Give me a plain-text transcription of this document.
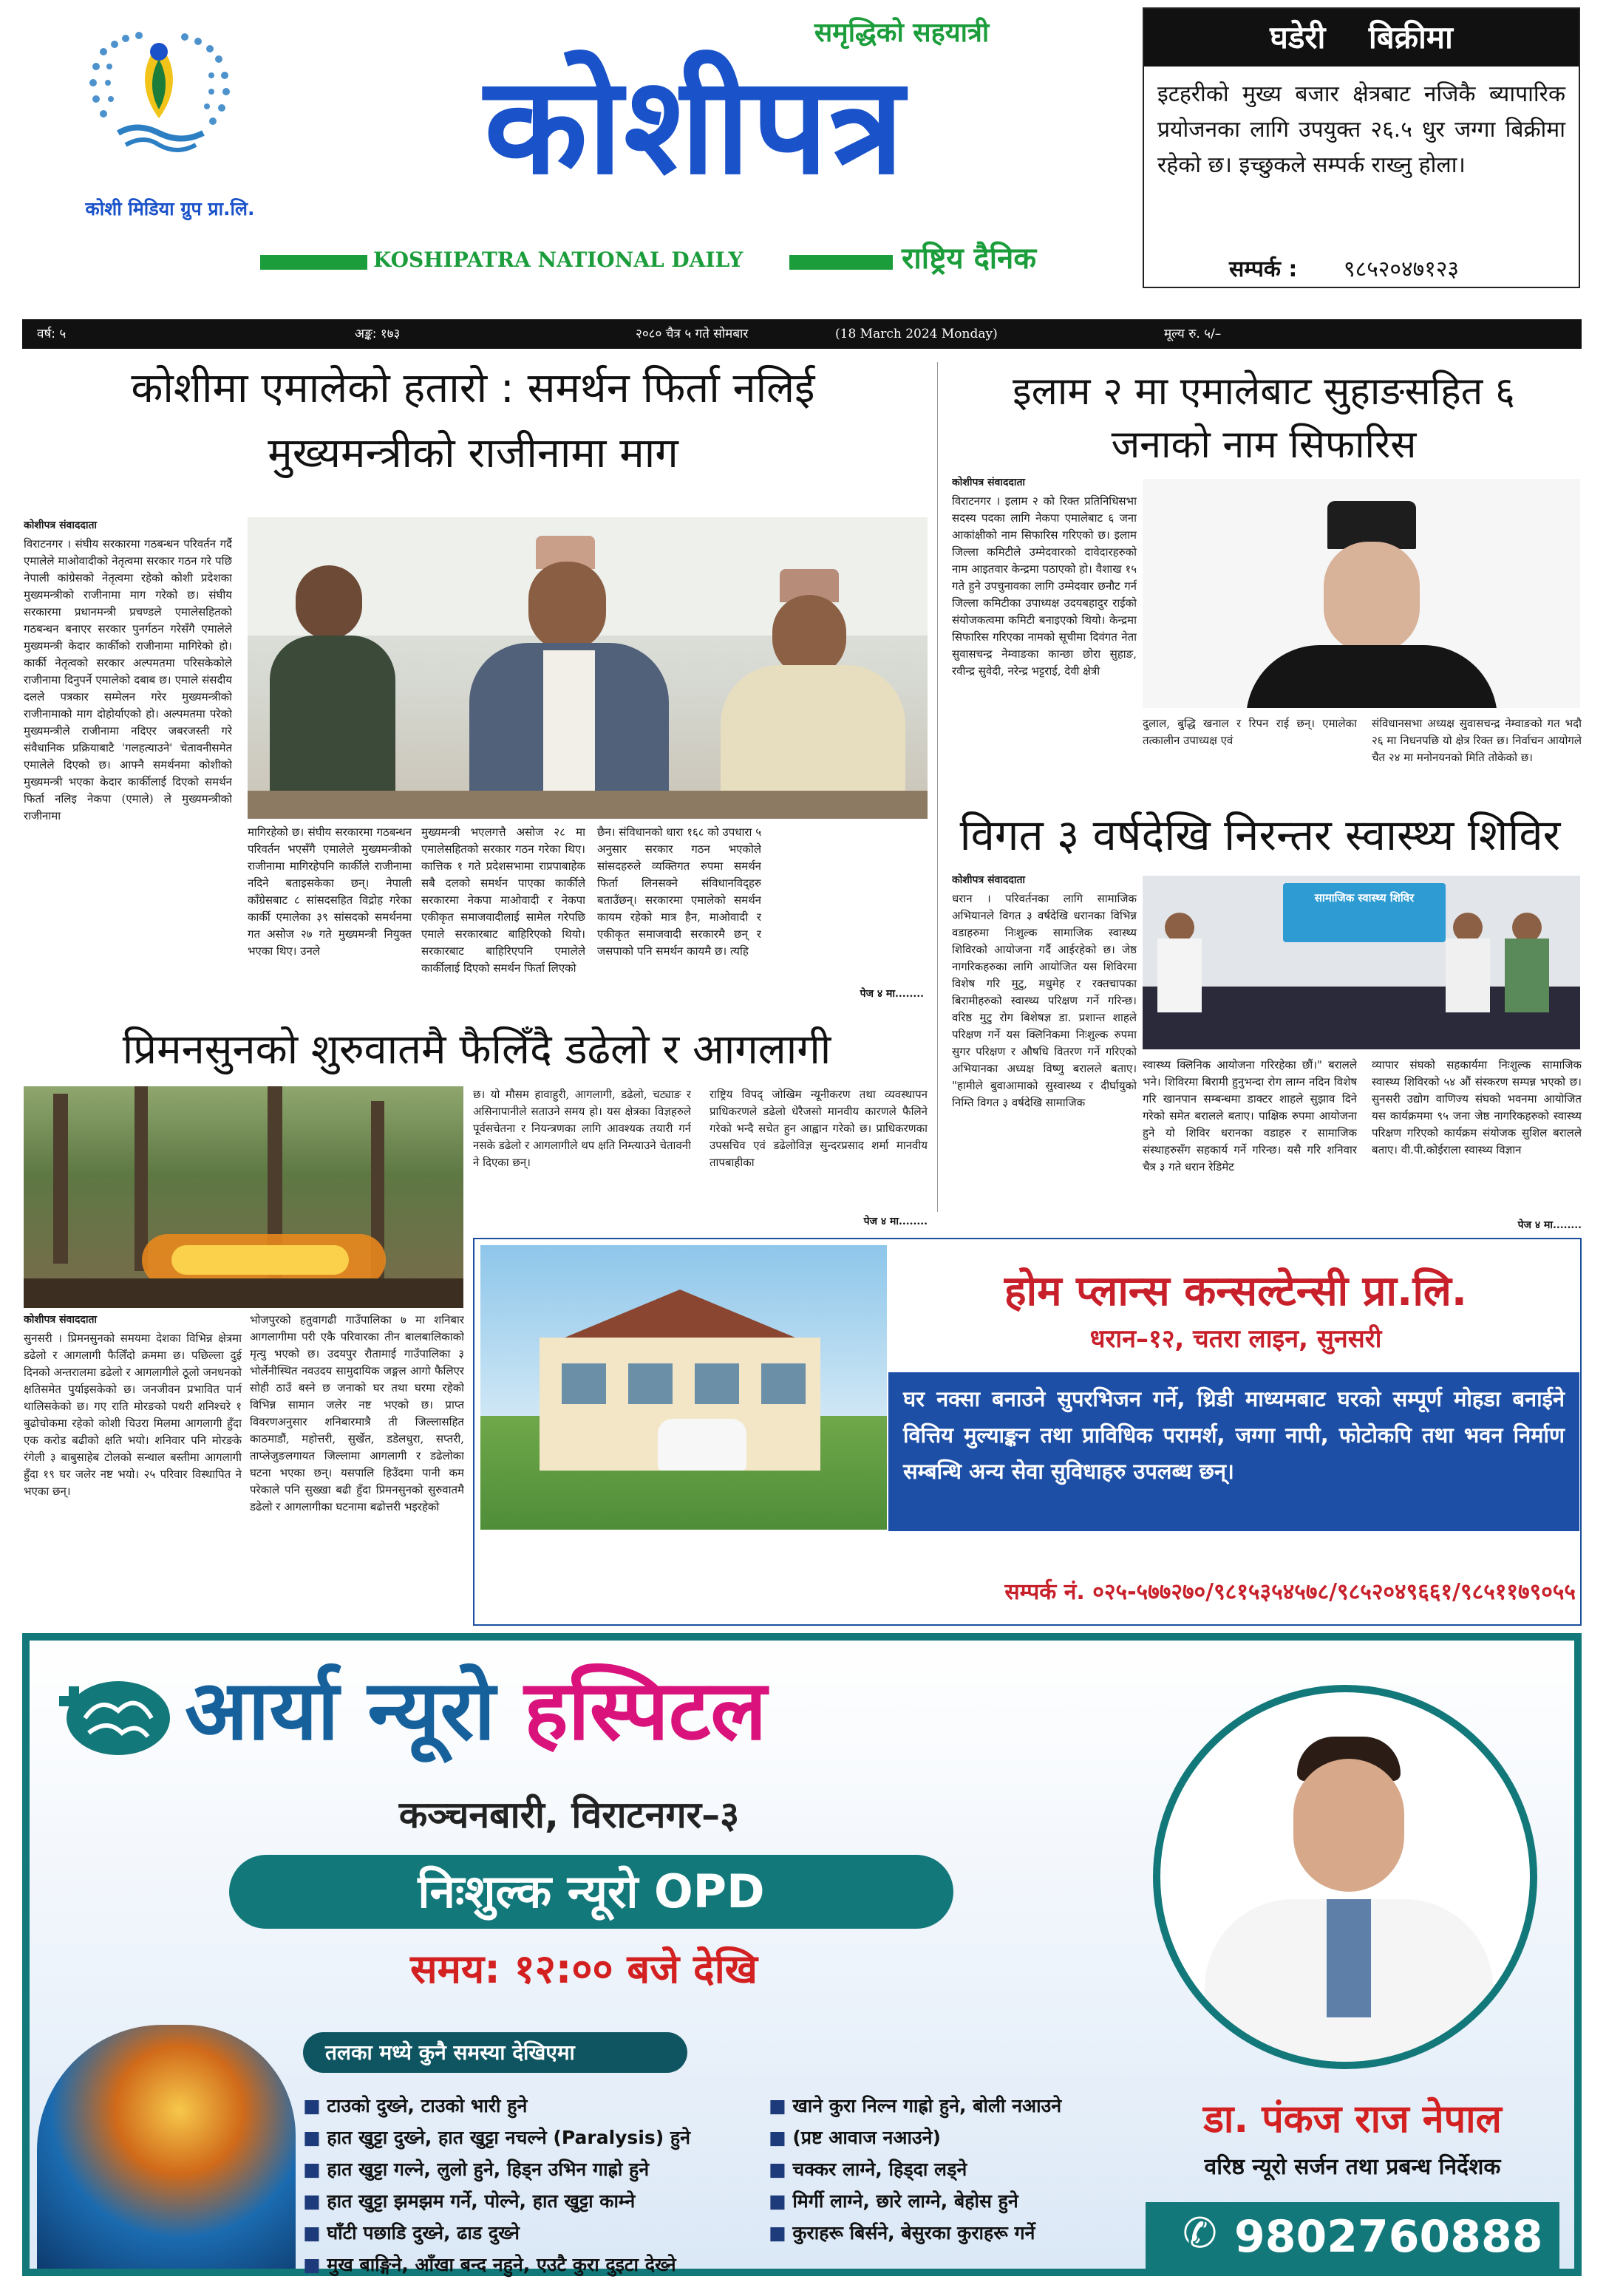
कोशी मिडिया ग्रुप प्रा.लि.
समृद्धिको सहयात्री
कोशीपत्र
KOSHIPATRA NATIONAL DAILY	राष्ट्रिय दैनिक
घडेरी    बिक्रीमा
इटहरीको मुख्य बजार क्षेत्रबाट नजिकै ब्यापारिक प्रयोजनका लागि उपयुक्त २६.५ धुर जग्गा बिक्रीमा रहेको छ। इच्छुकले सम्पर्क राख्नु होला।
सम्पर्क : ९८५२०४७१२३
वर्ष: ५	अङ्क: १७३	२०८० चैत्र ५ गते सोमबार	(18 March 2024 Monday)	मूल्य रु. ५/–
कोशीमा एमालेको हतारो : समर्थन फिर्ता नलिई
मुख्यमन्त्रीको राजीनामा माग
कोशीपत्र संवाददाता

विराटनगर । संघीय सरकारमा गठबन्धन परिवर्तन गर्दै एमालेले माओवादीको नेतृत्वमा सरकार गठन गरे पछि नेपाली कांग्रेसको नेतृत्वमा रहेको कोशी प्रदेशका मुख्यमन्त्रीको राजीनामा माग गरेको छ। संघीय सरकारमा प्रधानमन्त्री प्रचण्डले एमालेसहितको गठबन्धन बनाएर सरकार पुनर्गठन गरेसँगै एमालेले मुख्यमन्त्री केदार कार्कीको राजीनामा मागिरेको हो। कार्की नेतृत्वको सरकार अल्पमतमा परिसकेकोले राजीनामा दिनुपर्ने एमालेको दबाब छ। एमाले संसदीय दलले पत्रकार सम्मेलन गरेर मुख्यमन्त्रीको राजीनामाको माग दोहोर्याएको हो। अल्पमतमा परेको मुख्यमन्त्रीले राजीनामा नदिएर जबरजस्ती गरे संवैधानिक प्रक्रियाबाटै 'गलहत्याउने' चेतावनीसमेत एमालेले दिएको छ। आफ्नै समर्थनमा कोशीको मुख्यमन्त्री भएका केदार कार्कीलाई दिएको समर्थन फिर्ता नलिइ नेकपा (एमाले) ले मुख्यमन्त्रीको राजीनामा

मागिरहेको छ। संघीय सरकारमा गठबन्धन परिवर्तन भएसँगै एमालेले मुख्यमन्त्रीको राजीनामा मागिरहेपनि कार्कीले राजीनामा नदिने बताइसकेका छन्। नेपाली काँग्रेसबाट ८ सांसदसहित विद्रोह गरेका कार्की एमालेका ३९ सांसदको समर्थनमा गत असोज २७ गते मुख्यमन्त्री नियुक्त भएका थिए। उनले

मुख्यमन्त्री भएलगत्तै असोज २८ मा एमालेसहितको सरकार गठन गरेका थिए। कात्तिक १ गते प्रदेशसभामा राप्रपाबाहेक सबै दलको समर्थन पाएका कार्कीले सरकारमा नेकपा माओवादी र नेकपा एकीकृत समाजवादीलाई सामेल गरेपछि एमाले सरकारबाट बाहिरिएको थियो। सरकारबाट बाहिरिएपनि एमालेले कार्कीलाई दिएको समर्थन फिर्ता लिएको

छैन। संविधानको धारा १६८ को उपधारा ५ अनुसार सरकार गठन भएकोले सांसदहरुले व्यक्तिगत रुपमा समर्थन फिर्ता लिनसक्ने संविधानविद्हरु बताउँछन्। सरकारमा एमालेको समर्थन कायम रहेको मात्र हैन, माओवादी र एकीकृत समाजवादी सरकारमै छन् र जसपाको पनि समर्थन कायमै छ। त्यहि

पेज ४ मा........
इलाम २ मा एमालेबाट सुहाङसहित ६
जनाको नाम सिफारिस
कोशीपत्र संवाददाता

विराटनगर । इलाम २ को रिक्त प्रतिनिधिसभा सदस्य पदका लागि नेकपा एमालेबाट ६ जना आकांक्षीको नाम सिफारिस गरिएको छ। इलाम जिल्ला कमिटीले उम्मेदवारको दावेदारहरुको नाम आइतवार केन्द्रमा पठाएको हो। वैशाख १५ गते हुने उपचुनावका लागि उम्मेदवार छनौट गर्न जिल्ला कमिटीका उपाध्यक्ष उदयबहादुर राईको संयोजकत्वमा कमिटी बनाइएको थियो। केन्द्रमा सिफारिस गरिएका नामको सूचीमा दिवंगत नेता सुवासचन्द्र नेम्वाङका कान्छा छोरा सुहाङ, रवीन्द्र सुवेदी, नरेन्द्र भट्टराई, देवी क्षेत्री

दुलाल, बुद्धि खनाल र रिपन राई छन्। एमालेका तत्कालीन उपाध्यक्ष एवं

संविधानसभा अध्यक्ष सुवासचन्द्र नेम्वाङको गत भदौ २६ मा निधनपछि यो क्षेत्र रिक्त छ। निर्वाचन आयोगले चैत २४ मा मनोनयनको मिति तोकेको छ।

विगत ३ वर्षदेखि निरन्तर स्वास्थ्य शिविर
कोशीपत्र संवाददाता

धरान । परिवर्तनका लागि सामाजिक अभियानले विगत ३ वर्षदेखि धरानका विभिन्न वडाहरुमा निःशुल्क सामाजिक स्वास्थ्य शिविरको आयोजना गर्दै आईरहेको छ। जेष्ठ नागरिकहरुका लागि आयोजित यस शिविरमा विशेष गरि मुटु, मधुमेह र रक्तचापका बिरामीहरुको स्वास्थ्य परिक्षण गर्ने गरिन्छ। वरिष्ठ मुटु रोग बिशेषज्ञ डा. प्रशान्त शाहले परिक्षण गर्ने यस क्लिनिकमा निःशुल्क रुपमा सुगर परिक्षण र औषधि वितरण गर्ने गरिएको अभियानका अध्यक्ष विष्णु बरालले बताए। "हामीले बुवाआमाको सुस्वास्थ्य र दीर्घायुको निम्ति विगत ३ वर्षदेखि सामाजिक

सामाजिक स्वास्थ्य शिविर

स्वास्थ्य क्लिनिक आयोजना गरिरहेका छौं।" बरालले भने। शिविरमा बिरामी हुनुभन्दा रोग लाग्न नदिन विशेष गरि खानपान सम्बन्धमा डाक्टर शाहले सुझाव दिने गरेको समेत बरालले बताए। पाक्षिक रुपमा आयोजना हुने यो शिविर धरानका वडाहरु र सामाजिक संस्थाहरुसँग सहकार्य गर्ने गरिन्छ। यसै गरि शनिवार चैत्र ३ गते धरान रेडिमेट

व्यापार संघको सहकार्यमा निःशुल्क सामाजिक स्वास्थ्य शिविरको ५४ औं संस्करण सम्पन्न भएको छ। सुनसरी उद्योग वाणिज्य संघको भवनमा आयोजित यस कार्यक्रममा ९५ जना जेष्ठ नागरिकहरुको स्वास्थ्य परिक्षण गरिएको कार्यक्रम संयोजक सुशिल बरालले बताए। वी.पी.कोईराला स्वास्थ्य विज्ञान

पेज ४ मा........
प्रिमनसुनको शुरुवातमै फैलिँदै डढेलो र आगलागी

छ। यो मौसम हावाहुरी, आगलागी, डढेलो, चट्याङ र असिनापानीले सताउने समय हो। यस क्षेत्रका विज्ञहरुले पूर्वसचेतना र नियन्त्रणका लागि आवश्यक तयारी गर्न नसके डढेलो र आगलागीले थप क्षति निम्त्याउने चेतावनी ने दिएका छन्।

राष्ट्रिय विपद् जोखिम न्यूनीकरण तथा व्यवस्थापन प्राधिकरणले डढेलो धेरैजसो मानवीय कारणले फैलिने गरेको भन्दै सचेत हुन आह्वान गरेको छ। प्राधिकरणका उपसचिव एवं डढेलोविज्ञ सुन्दरप्रसाद शर्मा मानवीय तापबाहीका

पेज ४ मा........
कोशीपत्र संवाददाता

सुनसरी । प्रिमनसुनको समयमा देशका विभिन्न क्षेत्रमा डढेलो र आगलागी फैलिँदो क्रममा छ। पछिल्ला दुई दिनको अन्तरालमा डढेलो र आगलागीले ठूलो जनधनको क्षतिसमेत पुर्याइसकेको छ। जनजीवन प्रभावित पार्न थालिसकेको छ। गए राति मोरङको पथरी शनिश्चरे १ बुढोचोकमा रहेको कोशी चिउरा मिलमा आगलागी हुँदा एक करोड बढीको क्षति भयो। शनिवार पनि मोरङके रंगेली ३ बाबुसाहेब टोलको सन्थाल बस्तीमा आगलागी हुँदा १९ घर जलेर नष्ट भयो। २५ परिवार विस्थापित ने भएका छन्।

भोजपुरको हतुवागढी गाउँपालिका ७ मा शनिबार आगलागीमा परी एकै परिवारका तीन बालबालिकाको मृत्यु भएको छ। उदयपुर रौतामाई गाउँपालिका ३ भोर्लेनीस्थित नवउदय सामुदायिक जङ्गल आगो फैलिएर सोही ठाउँ बस्ने छ जनाको घर तथा घरमा रहेको विभिन्न सामान जलेर नष्ट भएको छ। प्राप्त विवरणअनुसार शनिबारमात्रै ती जिल्लासहित काठमाडौं, महोत्तरी, सुर्खेत, डडेलधुरा, सप्तरी, ताप्लेजुङलगायत जिल्लामा आगलागी र डढेलोका घटना भएका छन्। यसपालि हिउँदमा पानी कम परेकाले पनि सुख्खा बढी हुँदा प्रिमनसुनको सुरुवातमै डढेलो र आगलागीका घटनामा बढोत्तरी भइरहेको

होम प्लान्स कन्सल्टेन्सी प्रा.लि.
धरान–१२, चतरा लाइन, सुनसरी
घर नक्सा बनाउने सुपरभिजन गर्ने, थ्रिडी माध्यमबाट घरको सम्पूर्ण मोहडा बनाईने वित्तिय मुल्याङ्कन तथा प्राविधिक परामर्श, जग्गा नापी, फोटोकपि तथा भवन निर्माण सम्बन्धि अन्य सेवा सुविधाहरु उपलब्ध छन्।
सम्पर्क नं. ०२५-५७७२७०/९८१५३५४५७८/९८५२०४९६६१/९८५११७९०५५
आर्या न्यूरो हस्पिटल
कञ्चनबारी, विराटनगर–३
निःशुल्क न्यूरो OPD
समय: १२:०० बजे देखि
तलका मध्ये कुनै समस्या देखिएमा
■ टाउको दुख्ने, टाउको भारी हुने
■ हात खुट्टा दुख्ने, हात खुट्टा नचल्ने (Paralysis) हुने
■ हात खुट्टा गल्ने, लुलो हुने, हिड्न उभिन गाह्रो हुने
■ हात खुट्टा झमझम गर्ने, पोल्ने, हात खुट्टा काम्ने
■ घाँटी पछाडि दुख्ने, ढाड दुख्ने
■ मुख बाङ्गिने, आँखा बन्द नहुने, एउटै कुरा दुइटा देख्ने
■ खाने कुरा निल्न गाह्रो हुने, बोली नआउने
■ (प्रष्ट आवाज नआउने)
■ चक्कर लाग्ने, हिड्दा लड्ने
■ मिर्गी लाग्ने, छारे लाग्ने, बेहोस हुने
■ कुराहरू बिर्सने, बेसुरका कुराहरू गर्ने
डा. पंकज राज नेपाल
वरिष्ठ न्यूरो सर्जन तथा प्रबन्ध निर्देशक
✆ 9802760888
